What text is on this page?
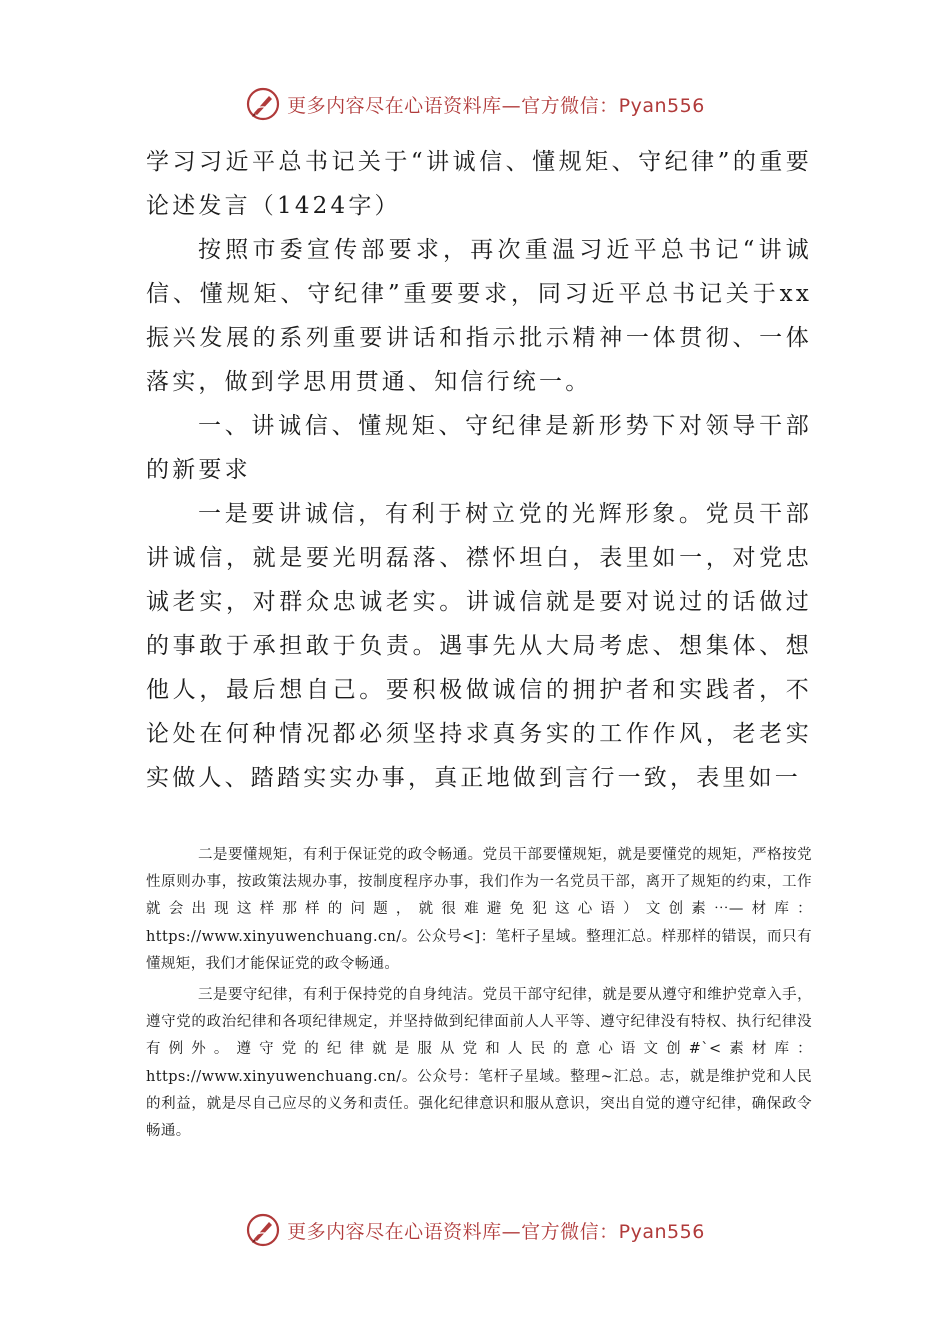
更多内容尽在心语资料库—官方微信：Pyan556

学习习近平总书记关于“讲诚信、懂规矩、守纪律”的重要论述发言（1424字）

按照市委宣传部要求，再次重温习近平总书记“讲诚信、懂规矩、守纪律”重要要求，同习近平总书记关于xx振兴发展的系列重要讲话和指示批示精神一体贯彻、一体落实，做到学思用贯通、知信行统一。

一、讲诚信、懂规矩、守纪律是新形势下对领导干部的新要求

一是要讲诚信，有利于树立党的光辉形象。党员干部讲诚信，就是要光明磊落、襟怀坦白，表里如一，对党忠诚老实，对群众忠诚老实。讲诚信就是要对说过的话做过的事敢于承担敢于负责。遇事先从大局考虑、想集体、想他人，最后想自己。要积极做诚信的拥护者和实践者，不论处在何种情况都必须坚持求真务实的工作作风，老老实实做人、踏踏实实办事，真正地做到言行一致，表里如一

二是要懂规矩，有利于保证党的政令畅通。党员干部要懂规矩，就是要懂党的规矩，严格按党性原则办事，按政策法规办事，按制度程序办事，我们作为一名党员干部，离开了规矩的约束，工作就会出现这样那样的问题，就很难避免犯这心语）文创素⋯—材库：https://www.xinyuwenchuang.cn/。公众号<]：笔杆子星域。整理汇总。样那样的错误，而只有懂规矩，我们才能保证党的政令畅通。

三是要守纪律，有利于保持党的自身纯洁。党员干部守纪律，就是要从遵守和维护党章入手，遵守党的政治纪律和各项纪律规定，并坚持做到纪律面前人人平等、遵守纪律没有特权、执行纪律没有例外。遵守党的纪律就是服从党和人民的意心语文创#`<素材库：https://www.xinyuwenchuang.cn/。公众号：笔杆子星域。整理~汇总。志，就是维护党和人民的利益，就是尽自己应尽的义务和责任。强化纪律意识和服从意识，突出自觉的遵守纪律，确保政令畅通。

更多内容尽在心语资料库—官方微信：Pyan556
